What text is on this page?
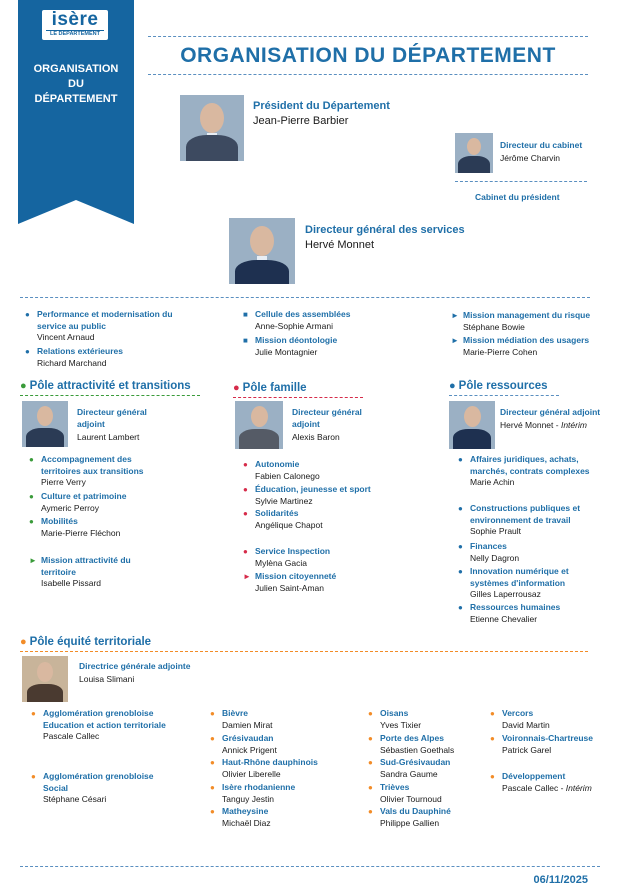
isère
LE DÉPARTEMENT
ORGANISATION
DU
DÉPARTEMENT
ORGANISATION DU DÉPARTEMENT
Président du Département
Jean-Pierre Barbier
Directeur du cabinet
Jérôme Charvin
Cabinet du président
Directeur général des services
Hervé Monnet
● Performance et modernisation du service au public
Vincent Arnaud
● Relations extérieures
Richard Marchand
■ Cellule des assemblées
Anne-Sophie Armani
■ Mission déontologie
Julie Montagnier
► Mission management du risque
Stéphane Bowie
► Mission médiation des usagers
Marie-Pierre Cohen
● Pôle attractivité et transitions
Directeur général adjoint
Laurent Lambert
● Accompagnement des territoires aux transitions
Pierre Verry
● Culture et patrimoine
Aymeric Perroy
● Mobilités
Marie-Pierre Fléchon
► Mission attractivité du territoire
Isabelle Pissard
● Pôle famille
Directeur général adjoint
Alexis Baron
● Autonomie
Fabien Calonego
● Éducation, jeunesse et sport
Sylvie Martinez
● Solidarités
Angélique Chapot
● Service Inspection
Mylèna Gacia
► Mission citoyenneté
Julien Saint-Aman
● Pôle ressources
Directeur général adjoint
Hervé Monnet - Intérim
● Affaires juridiques, achats, marchés, contrats complexes
Marie Achin
● Constructions publiques et environnement de travail
Sophie Prault
● Finances
Nelly Dagron
● Innovation numérique et systèmes d'information
Gilles Laperrousaz
● Ressources humaines
Etienne Chevalier
● Pôle équité territoriale
Directrice générale adjointe
Louisa Slimani
● Agglomération grenobloise Education et action territoriale
Pascale Callec
● Agglomération grenobloise Social
Stéphane Césari
● Bièvre
Damien Mirat
● Grésivaudan
Annick Prigent
● Haut-Rhône dauphinois
Olivier Liberelle
● Isère rhodanienne
Tanguy Jestin
● Matheysine
Michaël Diaz
● Oisans
Yves Tixier
● Porte des Alpes
Sébastien Goethals
● Sud-Grésivaudan
Sandra Gaume
● Trièves
Olivier Tournoud
● Vals du Dauphiné
Philippe Gallien
● Vercors
David Martin
● Voironnais-Chartreuse
Patrick Garel
● Développement
Pascale Callec - Intérim
06/11/2025
